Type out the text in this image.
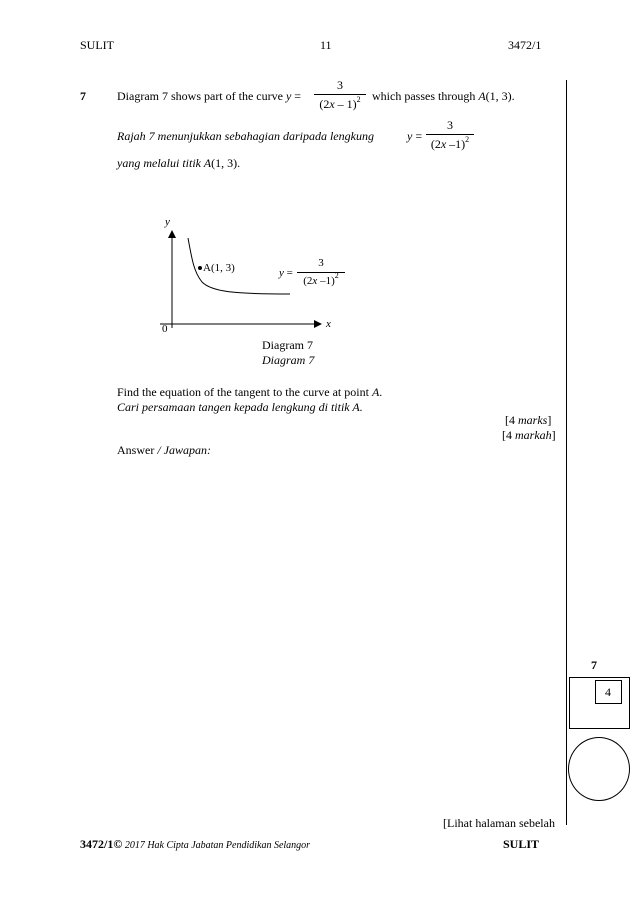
SULIT	11	3472/1
7	Diagram 7 shows part of the curve $y = \frac{3}{(2x - 1)^2}$ which passes through A(1, 3).
Rajah 7 menunjukkan sebahagian daripada lengkung	$y = \frac{3}{(2x -1)^2}$
yang melalui titik A(1, 3).
y
x
0
A(1, 3)	$y = \frac{3}{(2x -1)^2}$
Diagram 7
Diagram 7
Find the equation of the tangent to the curve at point A.
Cari persamaan tangen kepada lengkung di titik A.
[4 marks]
[4 markah]
Answer / Jawapan:
7
4
[Lihat halaman sebelah
3472/1© 2017 Hak Cipta Jabatan Pendidikan Selangor	SULIT
